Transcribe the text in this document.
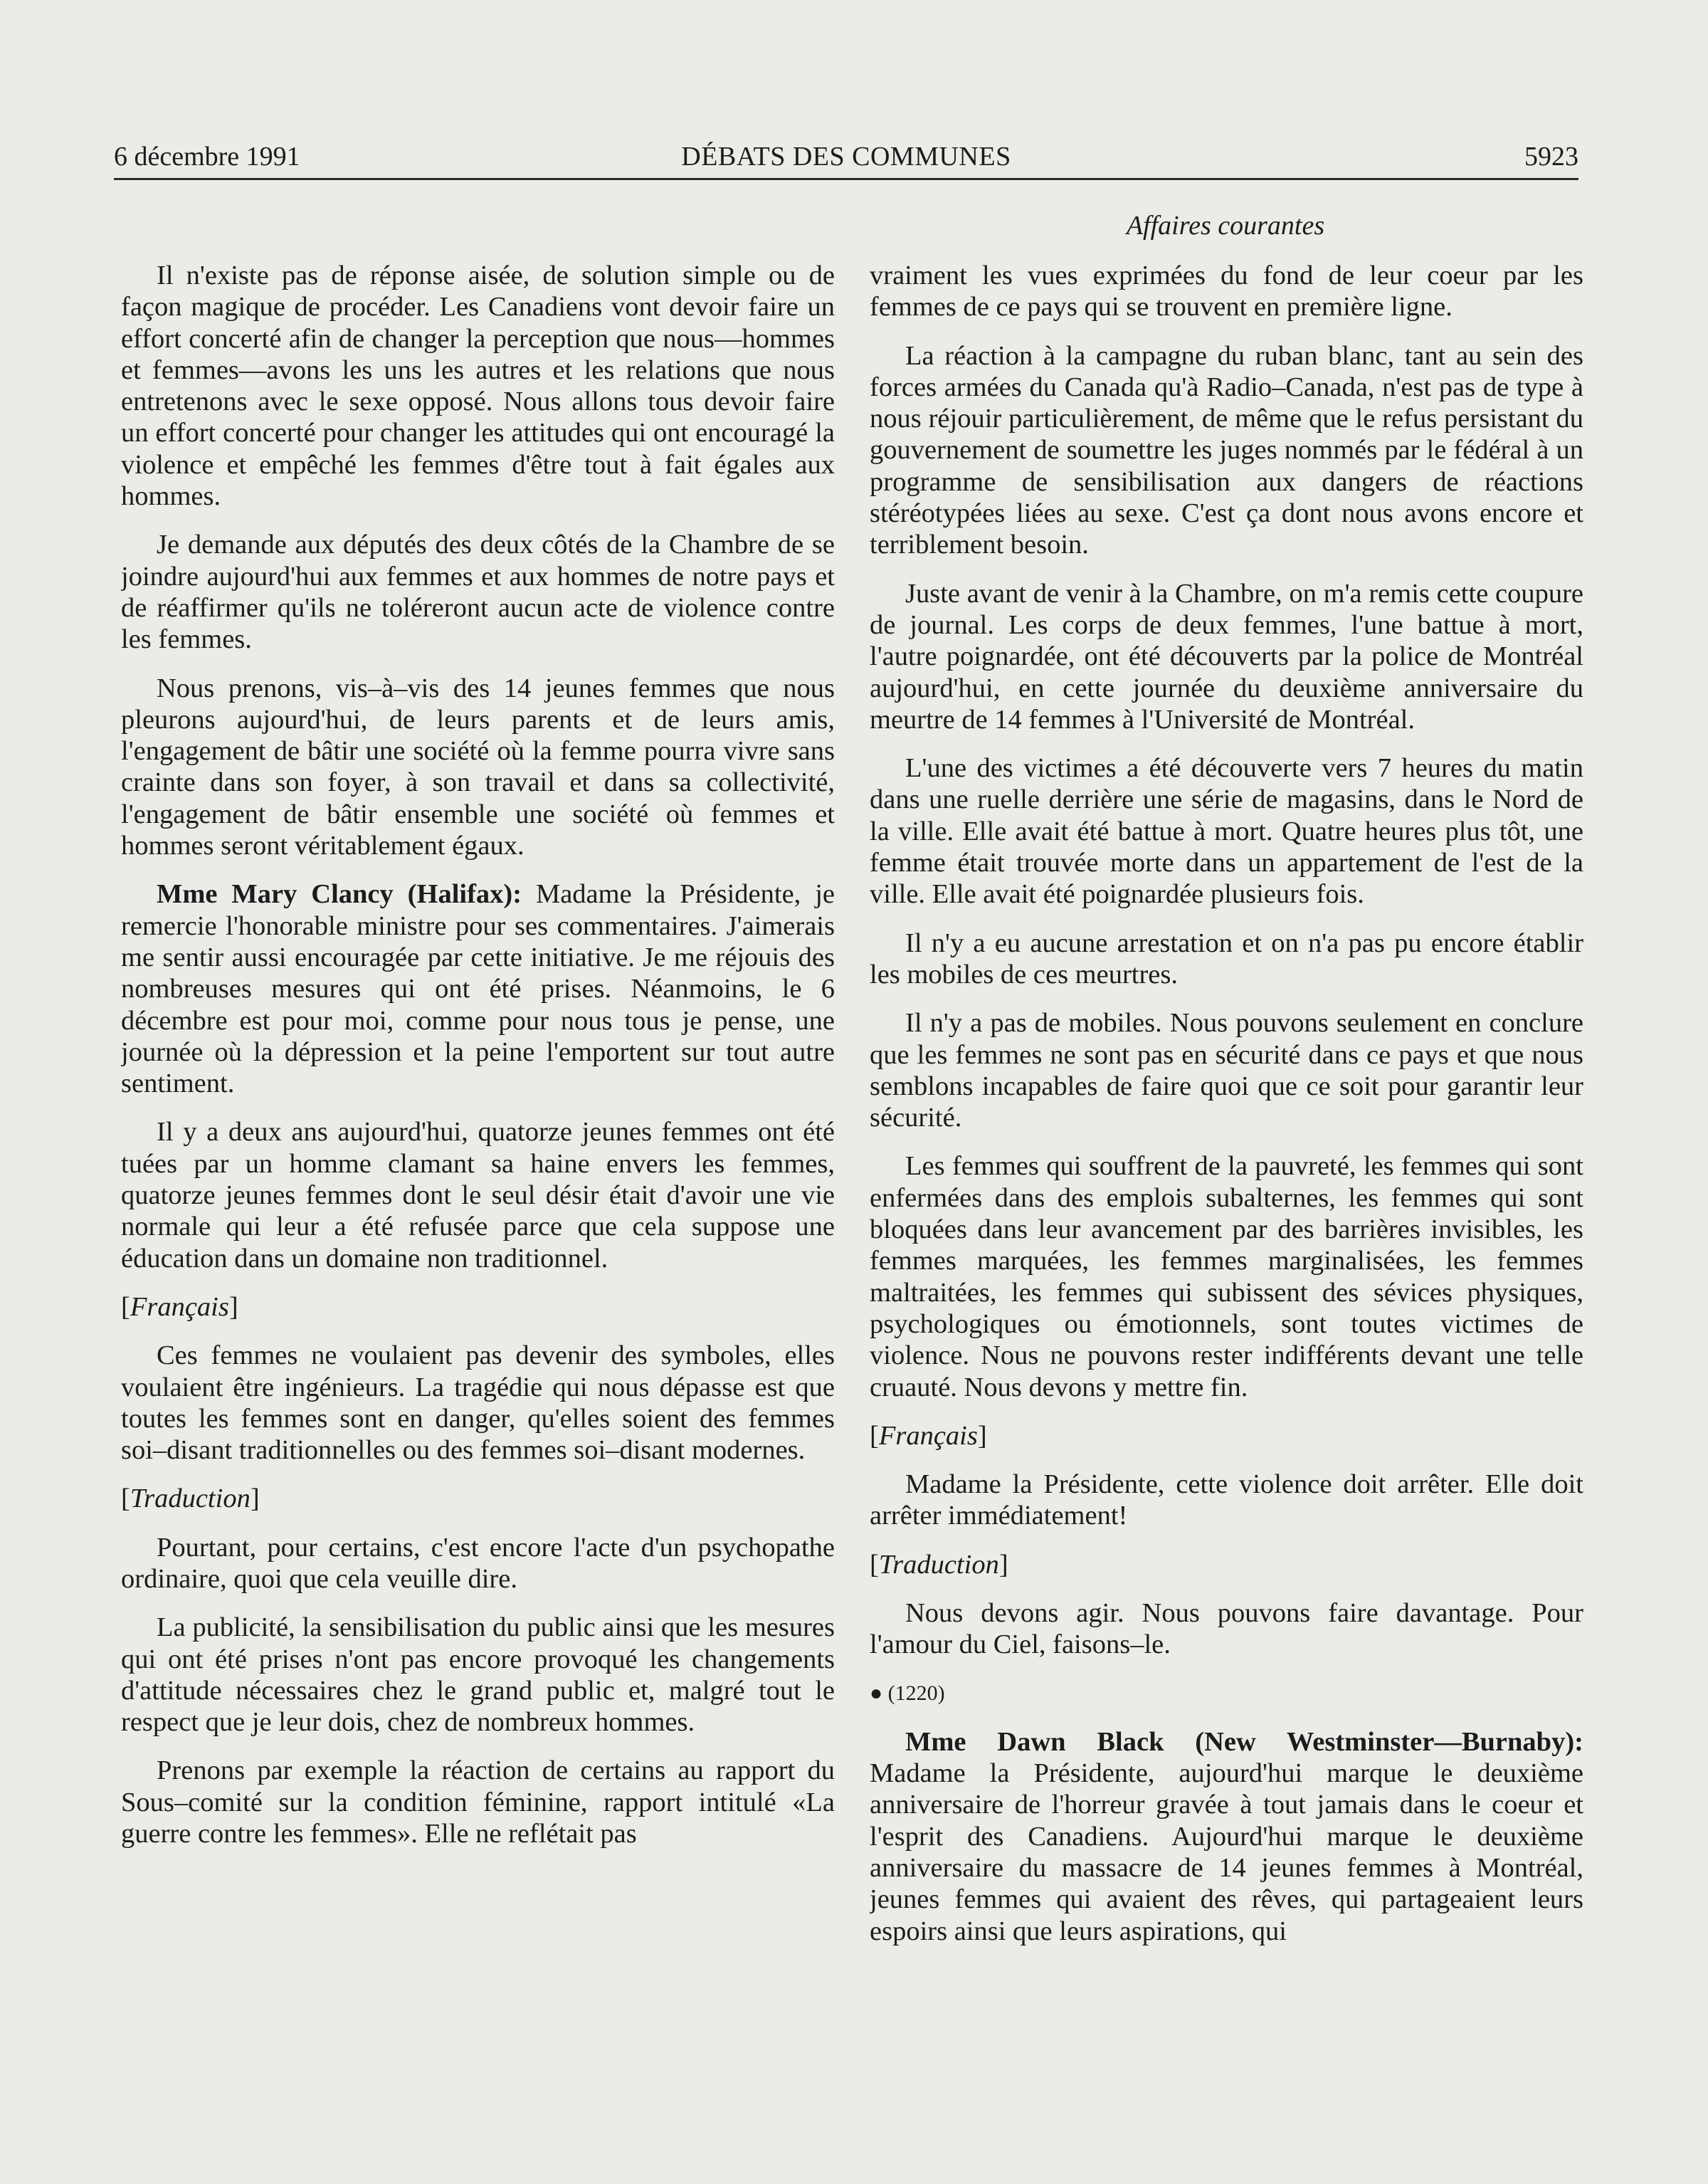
6 décembre 1991	DÉBATS DES COMMUNES	5923
Affaires courantes

Il n'existe pas de réponse aisée, de solution simple ou de façon magique de procéder. Les Canadiens vont devoir faire un effort concerté afin de changer la perception que nous—hommes et femmes—avons les uns les autres et les relations que nous entretenons avec le sexe opposé. Nous allons tous devoir faire un effort concerté pour changer les attitudes qui ont encouragé la violence et empêché les femmes d'être tout à fait égales aux hommes.

Je demande aux députés des deux côtés de la Chambre de se joindre aujourd'hui aux femmes et aux hommes de notre pays et de réaffirmer qu'ils ne toléreront aucun acte de violence contre les femmes.

Nous prenons, vis–à–vis des 14 jeunes femmes que nous pleurons aujourd'hui, de leurs parents et de leurs amis, l'engagement de bâtir une société où la femme pourra vivre sans crainte dans son foyer, à son travail et dans sa collectivité, l'engagement de bâtir ensemble une société où femmes et hommes seront véritablement égaux.

Mme Mary Clancy (Halifax): Madame la Présidente, je remercie l'honorable ministre pour ses commentaires. J'aimerais me sentir aussi encouragée par cette initiative. Je me réjouis des nombreuses mesures qui ont été prises. Néanmoins, le 6 décembre est pour moi, comme pour nous tous je pense, une journée où la dépression et la peine l'emportent sur tout autre sentiment.

Il y a deux ans aujourd'hui, quatorze jeunes femmes ont été tuées par un homme clamant sa haine envers les femmes, quatorze jeunes femmes dont le seul désir était d'avoir une vie normale qui leur a été refusée parce que cela suppose une éducation dans un domaine non traditionnel.

[Français]

Ces femmes ne voulaient pas devenir des symboles, elles voulaient être ingénieurs. La tragédie qui nous dépasse est que toutes les femmes sont en danger, qu'elles soient des femmes soi–disant traditionnelles ou des femmes soi–disant modernes.

[Traduction]

Pourtant, pour certains, c'est encore l'acte d'un psychopathe ordinaire, quoi que cela veuille dire.

La publicité, la sensibilisation du public ainsi que les mesures qui ont été prises n'ont pas encore provoqué les changements d'attitude nécessaires chez le grand public et, malgré tout le respect que je leur dois, chez de nombreux hommes.

Prenons par exemple la réaction de certains au rapport du Sous–comité sur la condition féminine, rapport intitulé «La guerre contre les femmes». Elle ne reflétait pas

vraiment les vues exprimées du fond de leur coeur par les femmes de ce pays qui se trouvent en première ligne.

La réaction à la campagne du ruban blanc, tant au sein des forces armées du Canada qu'à Radio–Canada, n'est pas de type à nous réjouir particulièrement, de même que le refus persistant du gouvernement de soumettre les juges nommés par le fédéral à un programme de sensibilisation aux dangers de réactions stéréotypées liées au sexe. C'est ça dont nous avons encore et terriblement besoin.

Juste avant de venir à la Chambre, on m'a remis cette coupure de journal. Les corps de deux femmes, l'une battue à mort, l'autre poignardée, ont été découverts par la police de Montréal aujourd'hui, en cette journée du deuxième anniversaire du meurtre de 14 femmes à l'Université de Montréal.

L'une des victimes a été découverte vers 7 heures du matin dans une ruelle derrière une série de magasins, dans le Nord de la ville. Elle avait été battue à mort. Quatre heures plus tôt, une femme était trouvée morte dans un appartement de l'est de la ville. Elle avait été poignardée plusieurs fois.

Il n'y a eu aucune arrestation et on n'a pas pu encore établir les mobiles de ces meurtres.

Il n'y a pas de mobiles. Nous pouvons seulement en conclure que les femmes ne sont pas en sécurité dans ce pays et que nous semblons incapables de faire quoi que ce soit pour garantir leur sécurité.

Les femmes qui souffrent de la pauvreté, les femmes qui sont enfermées dans des emplois subalternes, les femmes qui sont bloquées dans leur avancement par des barrières invisibles, les femmes marquées, les femmes marginalisées, les femmes maltraitées, les femmes qui subissent des sévices physiques, psychologiques ou émotionnels, sont toutes victimes de violence. Nous ne pouvons rester indifférents devant une telle cruauté. Nous devons y mettre fin.

[Français]

Madame la Présidente, cette violence doit arrêter. Elle doit arrêter immédiatement!

[Traduction]

Nous devons agir. Nous pouvons faire davantage. Pour l'amour du Ciel, faisons–le.

● (1220)

Mme Dawn Black (New Westminster—Burnaby): Madame la Présidente, aujourd'hui marque le deuxième anniversaire de l'horreur gravée à tout jamais dans le coeur et l'esprit des Canadiens. Aujourd'hui marque le deuxième anniversaire du massacre de 14 jeunes femmes à Montréal, jeunes femmes qui avaient des rêves, qui partageaient leurs espoirs ainsi que leurs aspirations, qui
